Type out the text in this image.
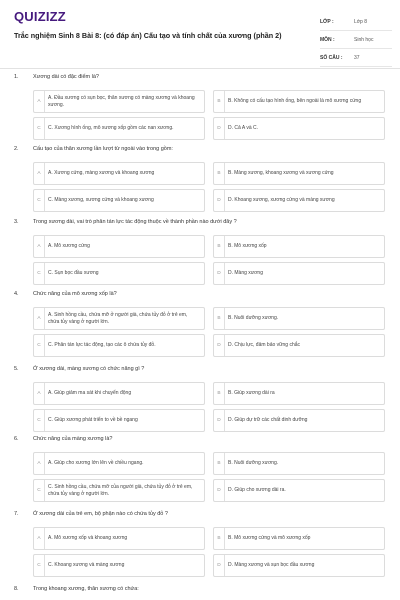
QUIZIZZ
Trắc nghiệm Sinh 8 Bài 8: (có đáp án) Cấu tạo và tính chất của xương (phần 2)
LỚP :	Lớp 8
MÔN :	Sinh học
SỐ CÂU :	37
1.	Xương dài có đặc điểm là?
A
A. Đầu xương có sụn bọc, thân xương có màng xương và khoang xương.	B	B. Không có cấu tạo hình ống, bên ngoài là mô xương cứng
C	C. Xương hình ống, mô xương xốp gồm các nan xương.	D	D. Cả A và C.
2.	Cấu tạo của thân xương lần lượt từ ngoài vào trong gồm:
A	A. Xương cứng, màng xương và khoang xương	B	B. Màng xương, khoang xương và xương cứng
C	C. Màng xương, xương cứng và khoang xương	D	D. Khoang xương, xương cứng và màng xương
3.	Trong xương dài, vai trò phân tán lực tác động thuộc về thành phần nào dưới đây ?
A	A. Mô xương cứng	B	B. Mô xương xốp
C	C. Sụn bọc đầu xương	D	D. Màng xương
4.	Chức năng của mô xương xốp là?
A
A. Sinh hồng cầu, chứa mỡ ở người già, chứa tủy đỏ ở trẻ em, chứa tủy vàng ở người lớn.	B	B. Nuôi dưỡng xương.
C	C. Phân tán lực tác động, tạo các ô chứa tủy đỏ.	D	D. Chịu lực, đảm bảo vững chắc
5.	Ở xương dài, màng xương có chức năng gì ?
A	A. Giúp giảm ma sát khi chuyển động	B	B. Giúp xương dài ra
C	C. Giúp xương phát triển to về bề ngang	D	D. Giúp dự trữ các chất dinh dưỡng
6.	Chức năng của màng xương là?
A	A. Giúp cho xương lớn lên về chiều ngang.	B	B. Nuôi dưỡng xương.
C
C. Sinh hồng cầu, chứa mỡ của người già, chứa tủy đỏ ở trẻ em, chứa tủy vàng ở người lớn.	D	D. Giúp cho xương dài ra.
7.	Ở xương dài của trẻ em, bộ phận nào có chứa tủy đỏ ?
A	A. Mô xương xốp và khoang xương	B	B. Mô xương cứng và mô xương xốp
C	C. Khoang xương và màng xương	D	D. Màng xương và sụn bọc đầu xương
8.	Trong khoang xương, thân xương có chứa:
